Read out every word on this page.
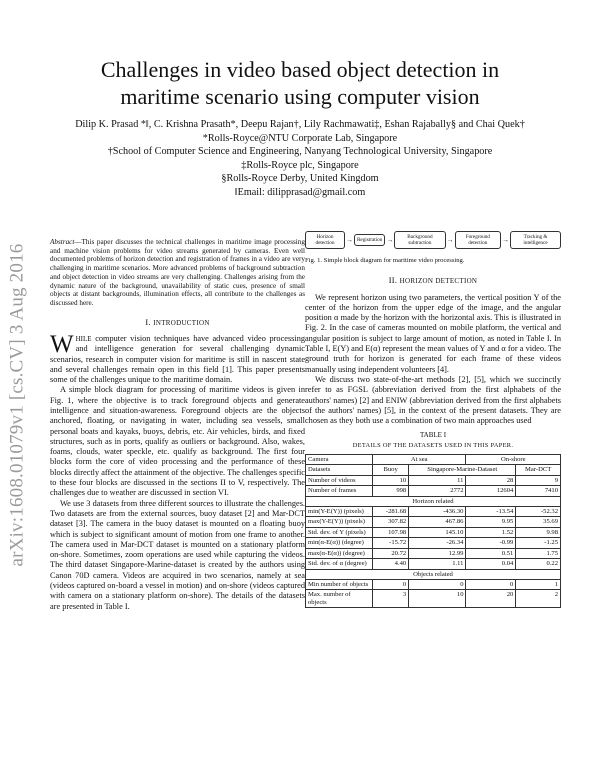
arXiv:1608.01079v1 [cs.CV] 3 Aug 2016
Challenges in video based object detection in
maritime scenario using computer vision
Dilip K. Prasad *‖, C. Krishna Prasath*, Deepu Rajan†, Lily Rachmawati‡, Eshan Rajabally§ and Chai Quek†
*Rolls-Royce@NTU Corporate Lab, Singapore
†School of Computer Science and Engineering, Nanyang Technological University, Singapore
‡Rolls-Royce plc, Singapore
§Rolls-Royce Derby, United Kingdom
‖Email: dilipprasad@gmail.com
Abstract—This paper discusses the technical challenges in maritime image processing and machine vision problems for video streams generated by cameras. Even well documented problems of horizon detection and registration of frames in a video are very challenging in maritime scenarios. More advanced problems of background subtraction and object detection in video streams are very challenging. Challenges arising from the dynamic nature of the background, unavailability of static cues, presence of small objects at distant backgrounds, illumination effects, all contribute to the challenges as discussed here.
I. INTRODUCTION

WHILE computer vision techniques have advanced video processing and intelligence generation for several challenging dynamic scenarios, research in computer vision for maritime is still in nascent state and several challenges remain open in this field [1]. This paper presents some of the challenges unique to the maritime domain.

A simple block diagram for processing of maritime videos is given in Fig. 1, where the objective is to track foreground objects and generate intelligence and situation-awareness. Foreground objects are the objects anchored, floating, or navigating in water, including sea vessels, small personal boats and kayaks, buoys, debris, etc. Air vehicles, birds, and fixed structures, such as in ports, qualify as outliers or background. Also, wakes, foams, clouds, water speckle, etc. qualify as background. The first four blocks form the core of video processing and the performance of these blocks directly affect the attainment of the objective. The challenges specific to these four blocks are discussed in the sections II to V, respectively. The challenges due to weather are discussed in section VI.

We use 3 datasets from three different sources to illustrate the challenges. Two datasets are from the external sources, buoy dataset [2] and Mar-DCT dataset [3]. The camera in the buoy dataset is mounted on a floating buoy which is subject to significant amount of motion from one frame to another. The camera used in Mar-DCT dataset is mounted on a stationary platform on-shore. Sometimes, zoom operations are used while capturing the videos. The third dataset Singapore-Marine-dataset is created by the authors using Canon 70D camera. Videos are acquired in two scenarios, namely at sea (videos captured on-board a vessel in motion) and on-shore (videos captured with camera on a stationary platform on-shore). The details of the datasets are presented in Table I.

Horizon detection	→ Registration →	Background subtraction	→	Foreground detection	→	Tracking & intelligence
Fig. 1. Simple block diagram for maritime video processing.
II. HORIZON DETECTION

We represent horizon using two parameters, the vertical position Y of the center of the horizon from the upper edge of the image, and the angular position α made by the horizon with the horizontal axis. This is illustrated in Fig. 2. In the case of cameras mounted on mobile platform, the vertical and angular position is subject to large amount of motion, as noted in Table I. In Table I, E(Y) and E(α) represent the mean values of Y and α for a video. The ground truth for horizon is generated for each frame of these videos manually using independent volunteers [4].

We discuss two state-of-the-art methods [2], [5], which we succinctly refer to as FGSL (abbreviation derived from the first alphabets of the authors' names) [2] and ENIW (abbreviation derived from the first alphabets of the authors' names) [5], in the context of the present datasets. They are chosen as they both use a combination of two main approaches used

TABLE I
DETAILS OF THE DATASETS USED IN THIS PAPER.
Camera	At sea		On-shore	
Datasets	Buoy	Singapore-Marine-Dataset		Mar-DCT
Number of videos	10	11	28	9
Number of frames	998	2772	12604	7410
Horizon related				
min(Y-E(Y)) (pixels)	-281.68	-436.30	-13.54	-52.32
max(Y-E(Y)) (pixels)	307.82	467.86	9.95	35.69
Std. dev. of Y (pixels)	107.98	145.10	1.52	9.98
min(α-E(α)) (degree)	-15.72	-26.34	-0.99	-1.25
max(α-E(α)) (degree)	20.72	12.99	0.51	1.75
Std. dev. of α (degree)	4.40	1.11	0.04	0.22
Objects related				
Min number of objects	0	0	0	1
Max. number of objects	3	10	20	2
